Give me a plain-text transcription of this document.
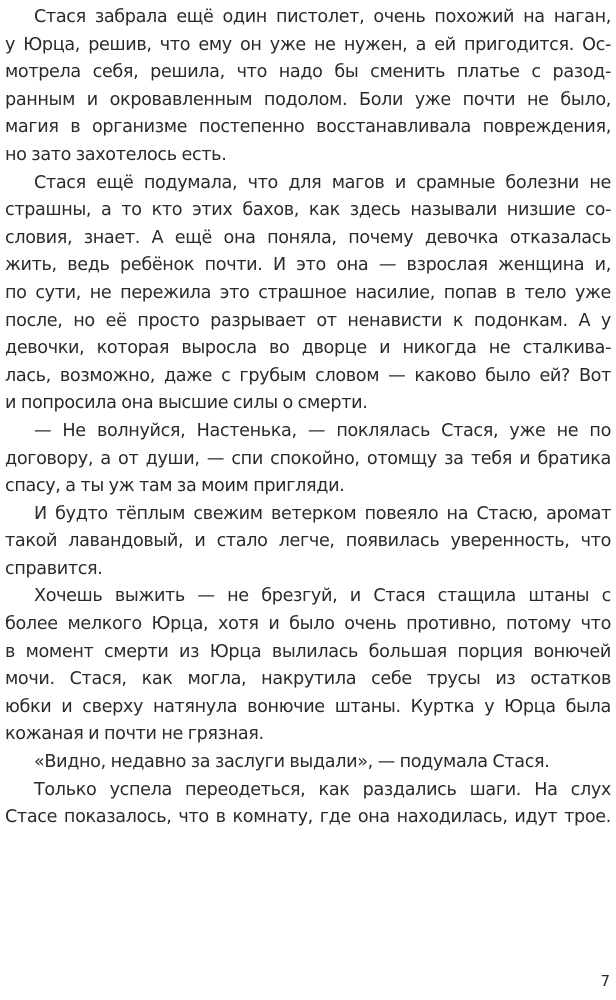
Стася забрала ещё один пистолет, очень похожий на наган,
у Юрца, решив, что ему он уже не нужен, а ей пригодится. Ос-
мотрела себя, решила, что надо бы сменить платье с разод-
ранным и окровавленным подолом. Боли уже почти не было,
магия в организме постепенно восстанавливала повреждения,
но зато захотелось есть.
Стася ещё подумала, что для магов и срамные болезни не
страшны, а то кто этих бахов, как здесь называли низшие со-
словия, знает. А ещё она поняла, почему девочка отказалась
жить, ведь ребёнок почти. И это она — взрослая женщина и,
по сути, не пережила это страшное насилие, попав в тело уже
после, но её просто разрывает от ненависти к подонкам. А у
девочки, которая выросла во дворце и никогда не сталкива-
лась, возможно, даже с грубым словом — каково было ей? Вот
и попросила она высшие силы о смерти.
— Не волнуйся, Настенька, — поклялась Стася, уже не по
договору, а от души, — спи спокойно, отомщу за тебя и братика
спасу, а ты уж там за моим пригляди.
И будто тёплым свежим ветерком повеяло на Стасю, аромат
такой лавандовый, и стало легче, появилась уверенность, что
справится.
Хочешь выжить — не брезгуй, и Стася стащила штаны с
более мелкого Юрца, хотя и было очень противно, потому что
в момент смерти из Юрца вылилась большая порция вонючей
мочи. Стася, как могла, накрутила себе трусы из остатков
юбки и сверху натянула вонючие штаны. Куртка у Юрца была
кожаная и почти не грязная.
«Видно, недавно за заслуги выдали», — подумала Стася.
Только успела переодеться, как раздались шаги. На слух
Стасе показалось, что в комнату, где она находилась, идут трое.
7
